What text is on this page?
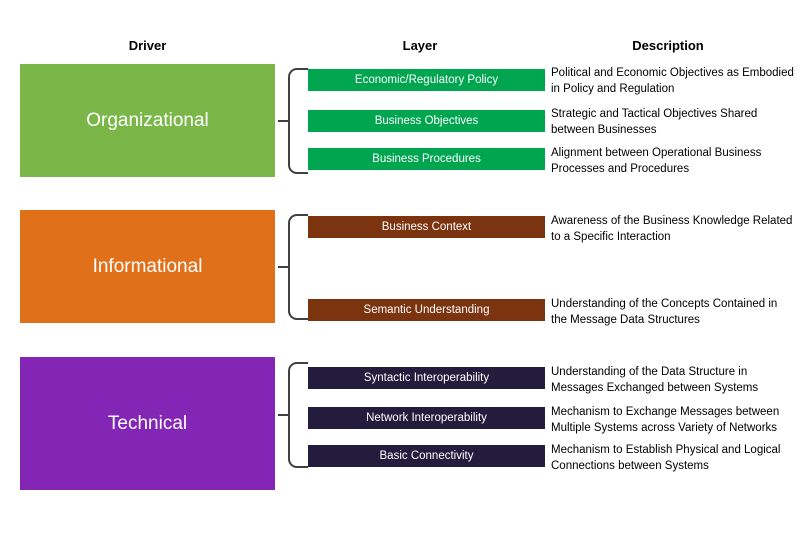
Driver	Layer	Description
Organizational
Informational
Technical
Economic/Regulatory Policy
Business Objectives
Business Procedures
Business Context
Semantic Understanding
Syntactic Interoperability
Network Interoperability
Basic Connectivity
Political and Economic Objectives as Embodied in Policy and Regulation
Strategic and Tactical Objectives Shared between Businesses
Alignment between Operational Business Processes and Procedures
Awareness of the Business Knowledge Related to a Specific Interaction
Understanding of the Concepts Contained in the Message Data Structures
Understanding of the Data Structure in Messages Exchanged between Systems
Mechanism to Exchange Messages between Multiple Systems across Variety of Networks
Mechanism to Establish Physical and Logical Connections between Systems
